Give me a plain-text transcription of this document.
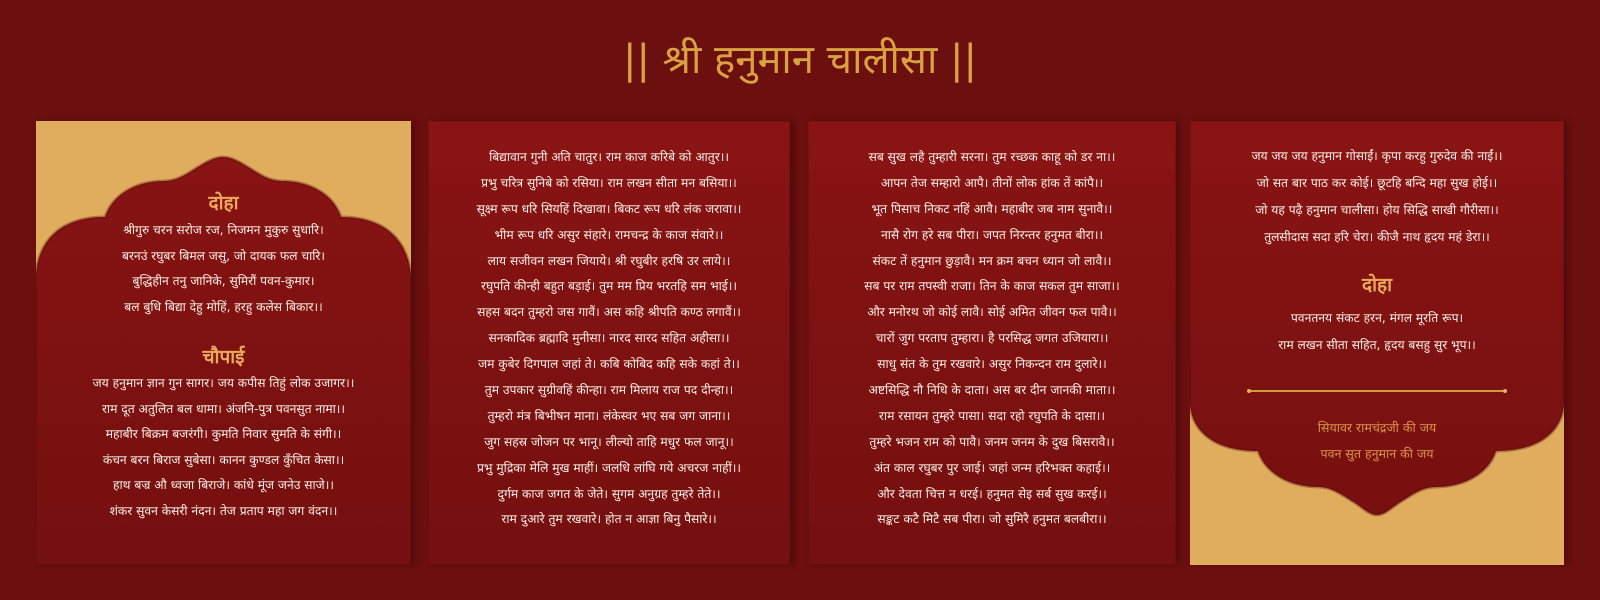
|| श्री हनुमान चालीसा ||
दोहा
श्रीगुरु चरन सरोज रज, निजमन मुकुरु सुधारि।
बरनउं रघुबर बिमल जसु, जो दायक फल चारि।
बुद्धिहीन तनु जानिके, सुमिरौं पवन-कुमार।
बल बुधि बिद्या देहु मोहिं, हरहु कलेस बिकार।।
चौपाई
जय हनुमान ज्ञान गुन सागर। जय कपीस तिहुं लोक उजागर।।
राम दूत अतुलित बल धामा। अंजनि-पुत्र पवनसुत नामा।।
महाबीर बिक्रम बजरंगी। कुमति निवार सुमति के संगी।।
कंचन बरन बिराज सुबेसा। कानन कुण्डल कुँचित केसा।।
हाथ बज्र औ ध्वजा बिराजे। कांधे मूंज जनेउ साजे।।
शंकर सुवन केसरी नंदन। तेज प्रताप महा जग वंदन।।
बिद्यावान गुनी अति चातुर। राम काज करिबे को आतुर।।
प्रभु चरित्र सुनिबे को रसिया। राम लखन सीता मन बसिया।।
सूक्ष्म रूप धरि सियहिं दिखावा। बिकट रूप धरि लंक जरावा।।
भीम रूप धरि असुर संहारे। रामचन्द्र के काज संवारे।।
लाय सजीवन लखन जियाये। श्री रघुबीर हरषि उर लाये।।
रघुपति कीन्ही बहुत बड़ाई। तुम मम प्रिय भरतहि सम भाई।।
सहस बदन तुम्हरो जस गावैं। अस कहि श्रीपति कण्ठ लगावैं।।
सनकादिक ब्रह्मादि मुनीसा। नारद सारद सहित अहीसा।।
जम कुबेर दिगपाल जहां ते। कबि कोबिद कहि सके कहां ते।।
तुम उपकार सुग्रीवहिं कीन्हा। राम मिलाय राज पद दीन्हा।।
तुम्हरो मंत्र बिभीषन माना। लंकेस्वर भए सब जग जाना।।
जुग सहस्र जोजन पर भानू। लील्यो ताहि मधुर फल जानू।।
प्रभु मुद्रिका मेलि मुख माहीं। जलधि लांघि गये अचरज नाहीं।।
दुर्गम काज जगत के जेते। सुगम अनुग्रह तुम्हरे तेते।।
राम दुआरे तुम रखवारे। होत न आज्ञा बिनु पैसारे।।
सब सुख लहै तुम्हारी सरना। तुम रच्छक काहू को डर ना।।
आपन तेज सम्हारो आपै। तीनों लोक हांक तें कांपै।।
भूत पिसाच निकट नहिं आवै। महाबीर जब नाम सुनावै।।
नासै रोग हरे सब पीरा। जपत निरन्तर हनुमत बीरा।।
संकट तें हनुमान छुड़ावै। मन क्रम बचन ध्यान जो लावै।।
सब पर राम तपस्वी राजा। तिन के काज सकल तुम साजा।।
और मनोरथ जो कोई लावै। सोई अमित जीवन फल पावै।।
चारों जुग परताप तुम्हारा। है परसिद्ध जगत उजियारा।।
साधु संत के तुम रखवारे। असुर निकन्दन राम दुलारे।।
अष्टसिद्धि नौ निधि के दाता। अस बर दीन जानकी माता।।
राम रसायन तुम्हरे पासा। सदा रहो रघुपति के दासा।।
तुम्हरे भजन राम को पावै। जनम जनम के दुख बिसरावै।।
अंत काल रघुबर पुर जाई। जहां जन्म हरिभक्त कहाई।।
और देवता चित्त न धरई। हनुमत सेइ सर्ब सुख करई।।
सङ्कट कटै मिटै सब पीरा। जो सुमिरै हनुमत बलबीरा।।
जय जय जय हनुमान गोसाईं। कृपा करहु गुरुदेव की नाईं।।
जो सत बार पाठ कर कोई। छूटहि बन्दि महा सुख होई।।
जो यह पढ़ै हनुमान चालीसा। होय सिद्धि साखी गौरीसा।।
तुलसीदास सदा हरि चेरा। कीजै नाथ हृदय महं डेरा।।
दोहा
पवनतनय संकट हरन, मंगल मूरति रूप।
राम लखन सीता सहित, हृदय बसहु सुर भूप।।
सियावर रामचंद्रजी की जय
पवन सुत हनुमान की जय
